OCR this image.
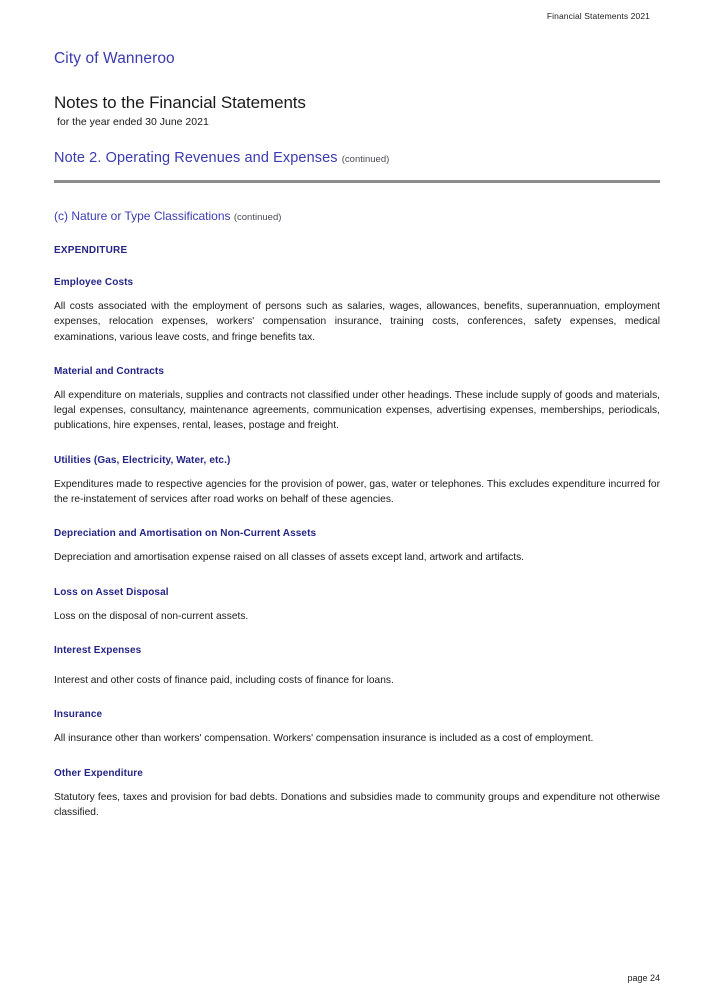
Financial Statements 2021
City of Wanneroo
Notes to the Financial Statements
for the year ended 30 June 2021
Note 2. Operating Revenues and Expenses (continued)
(c) Nature or Type Classifications (continued)
EXPENDITURE
Employee Costs

All costs associated with the employment of persons such as salaries, wages, allowances, benefits, superannuation, employment expenses, relocation expenses, workers' compensation insurance, training costs, conferences, safety expenses, medical examinations, various leave costs, and fringe benefits tax.

Material and Contracts

All expenditure on materials, supplies and contracts not classified under other headings. These include supply of goods and materials, legal expenses, consultancy, maintenance agreements, communication expenses, advertising expenses, memberships, periodicals, publications, hire expenses, rental, leases, postage and freight.

Utilities (Gas, Electricity, Water, etc.)

Expenditures made to respective agencies for the provision of power, gas, water or telephones. This excludes expenditure incurred for the re-instatement of services after road works on behalf of these agencies.

Depreciation and Amortisation on Non-Current Assets

Depreciation and amortisation expense raised on all classes of assets except land, artwork and artifacts.

Loss on Asset Disposal

Loss on the disposal of non-current assets.

Interest Expenses

Interest and other costs of finance paid, including costs of finance for loans.

Insurance

All insurance other than workers' compensation. Workers' compensation insurance is included as a cost of employment.

Other Expenditure

Statutory fees, taxes and provision for bad debts. Donations and subsidies made to community groups and expenditure not otherwise classified.

page 24
